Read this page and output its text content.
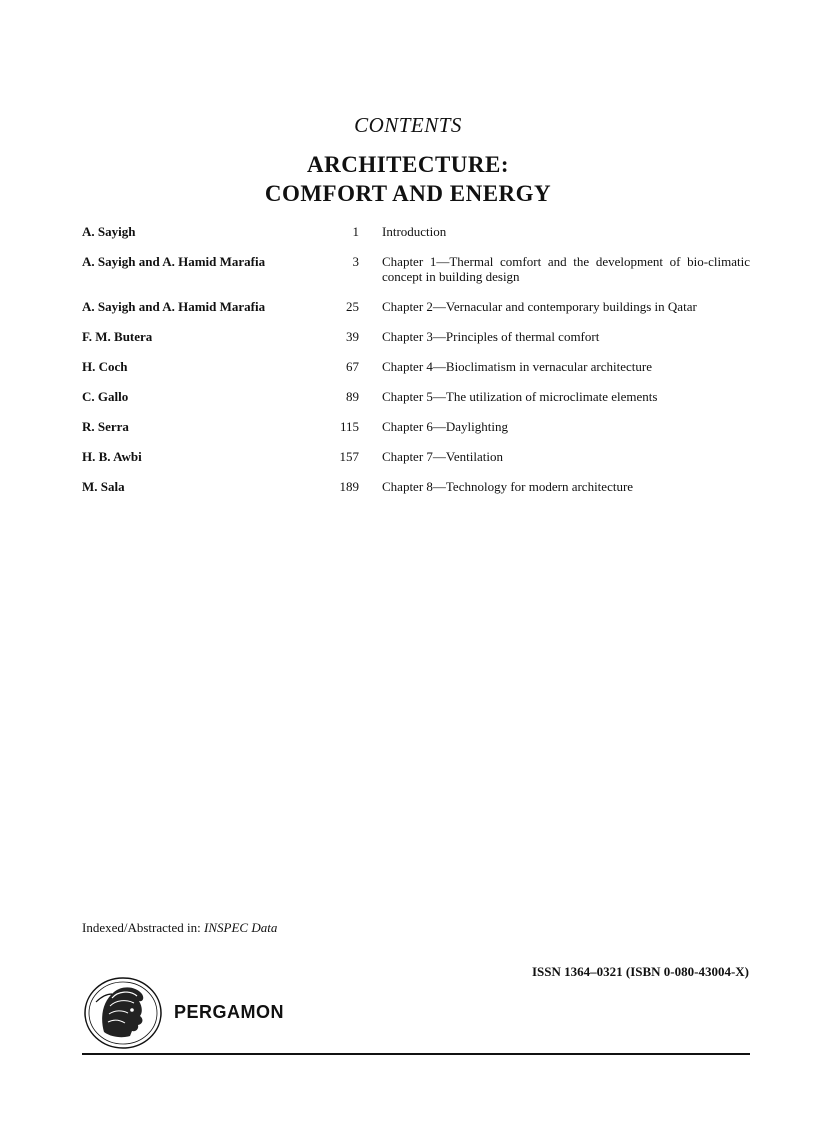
CONTENTS
ARCHITECTURE:
COMFORT AND ENERGY
A. Sayigh	1 Introduction
A. Sayigh and A. Hamid Marafia	3 Chapter 1—Thermal comfort and the development of bio-climatic concept in building design
A. Sayigh and A. Hamid Marafia	25 Chapter 2—Vernacular and contemporary buildings in Qatar
F. M. Butera	39 Chapter 3—Principles of thermal comfort
H. Coch	67 Chapter 4—Bioclimatism in vernacular architecture
C. Gallo	89 Chapter 5—The utilization of microclimate elements
R. Serra	115 Chapter 6—Daylighting
H. B. Awbi	157 Chapter 7—Ventilation
M. Sala	189 Chapter 8—Technology for modern architecture
Indexed/Abstracted in: INSPEC Data
ISSN 1364–0321 (ISBN 0-080-43004-X)
PERGAMON
